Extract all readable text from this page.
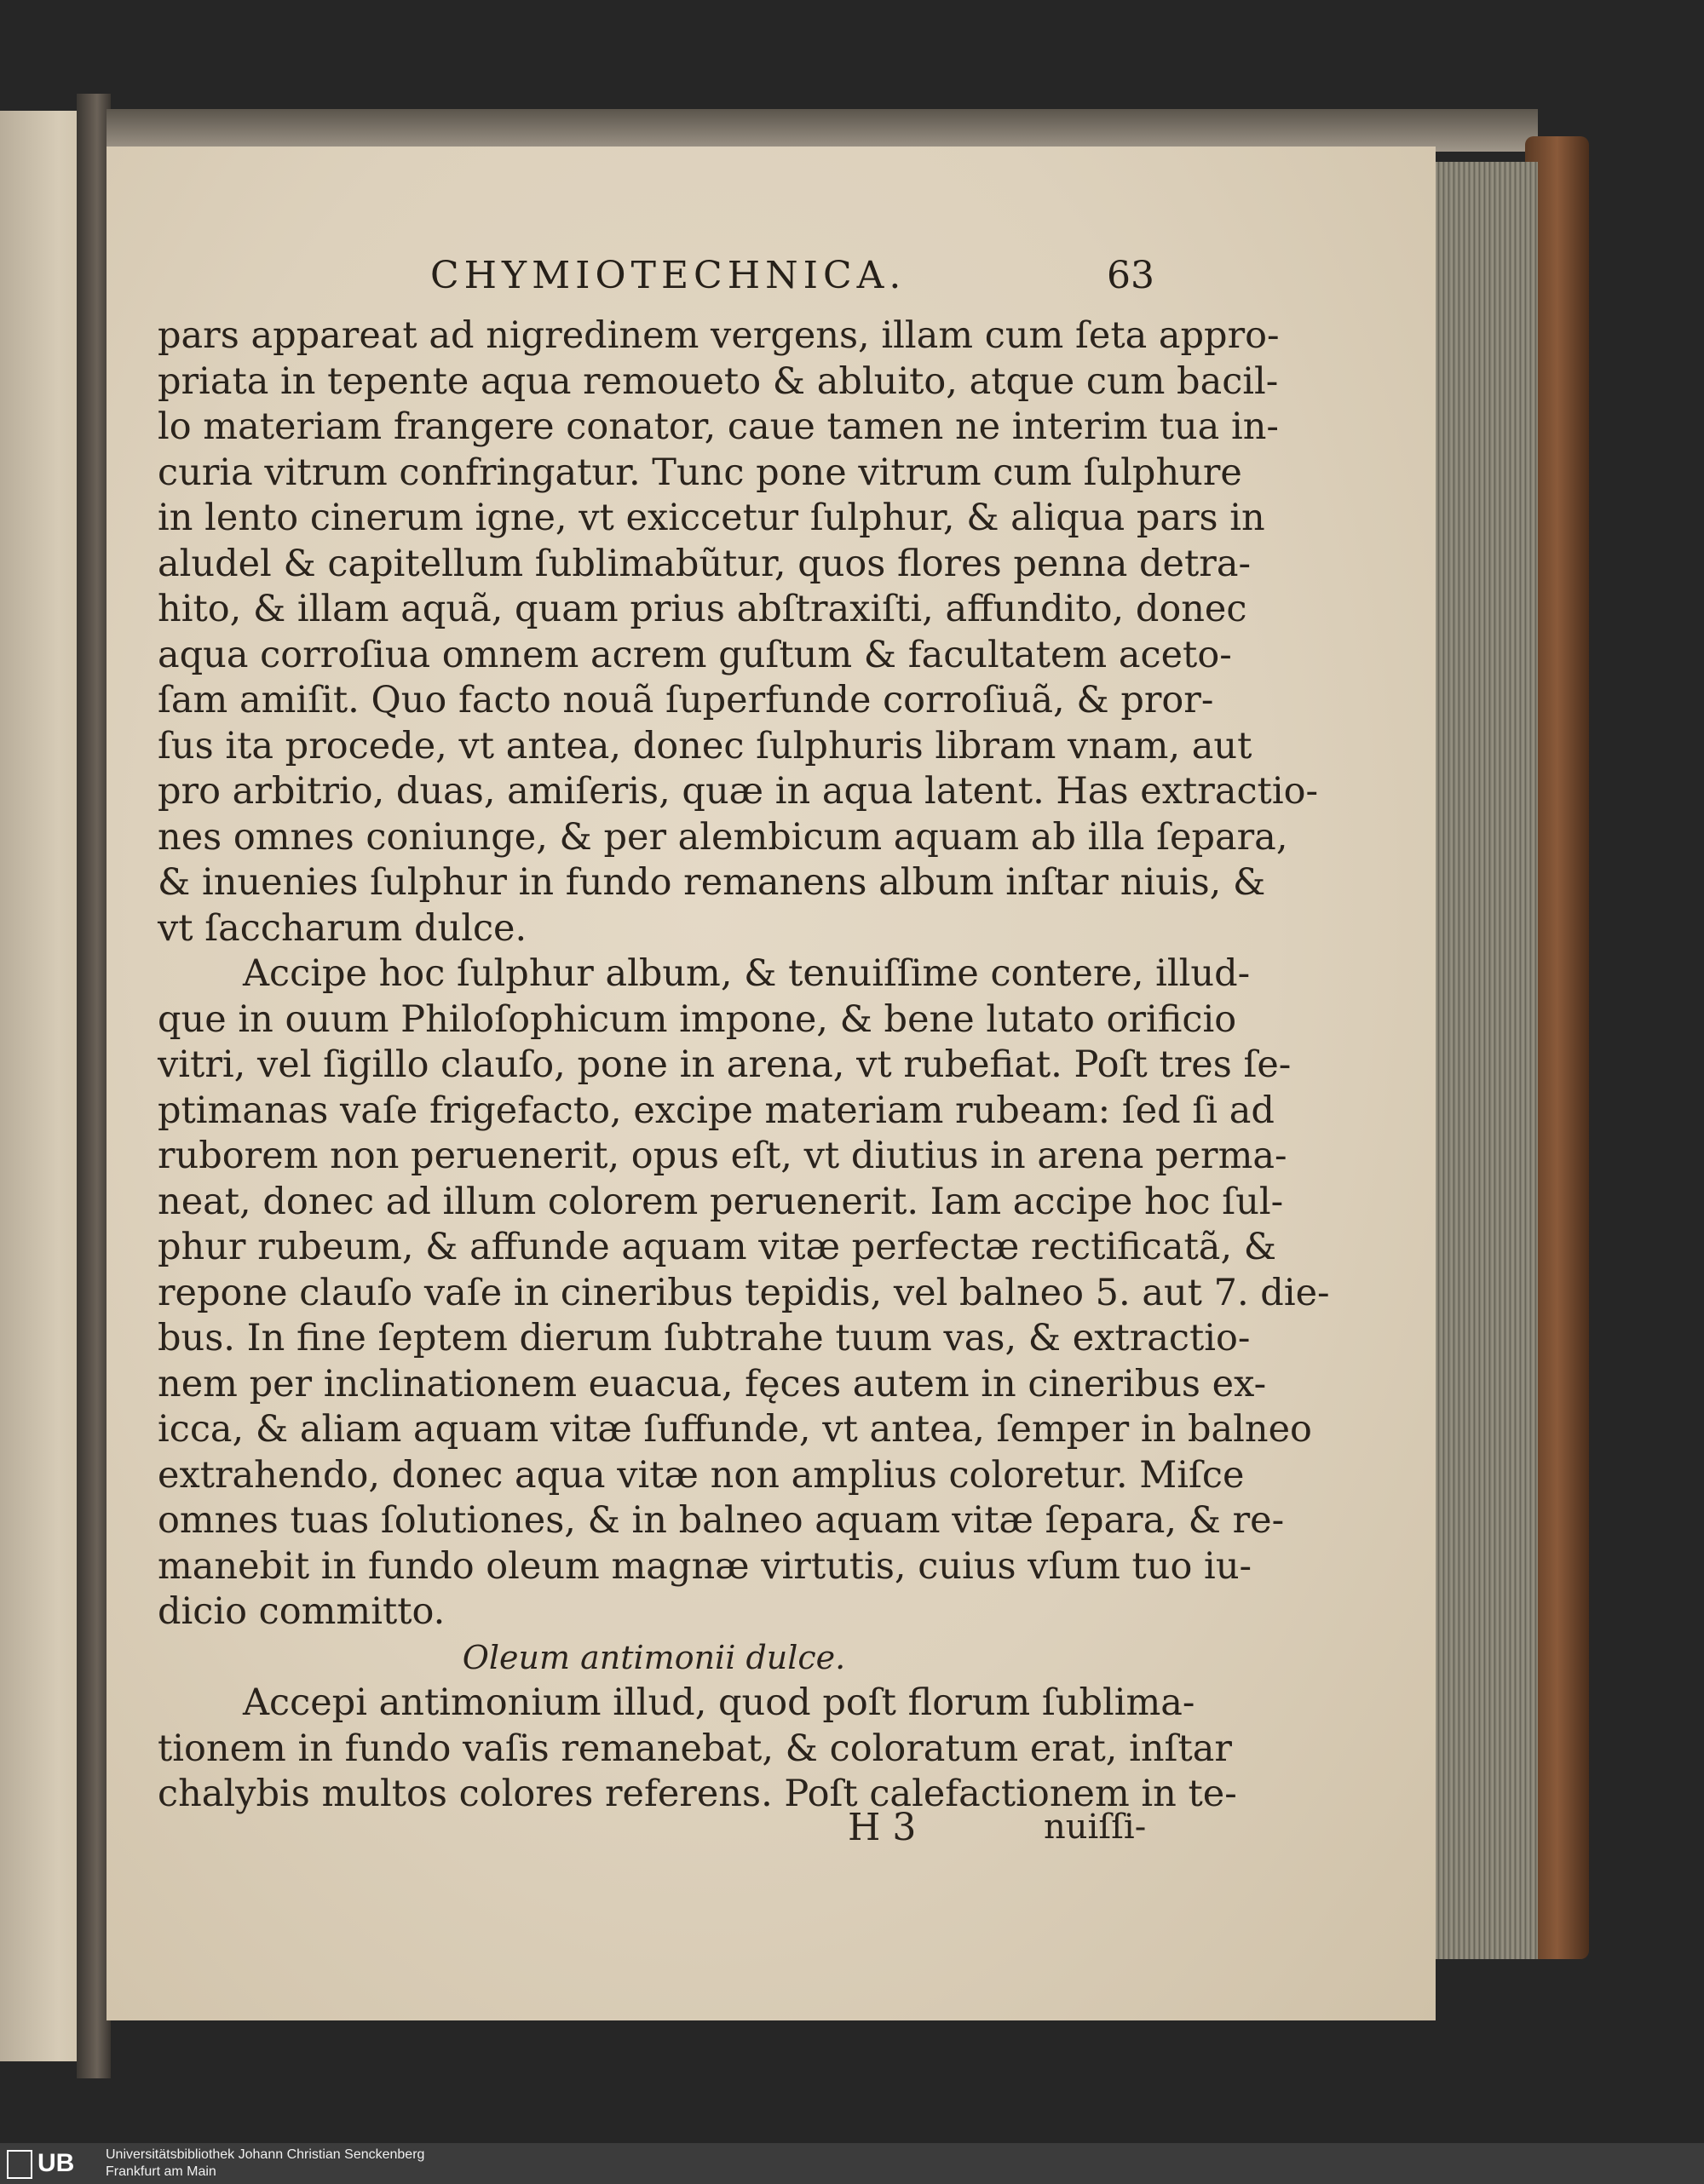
CHYMIOTECHNICA.	63
pars appareat ad nigredinem vergens, illam cum ſeta appro-
priata in tepente aqua remoueto & abluito, atque cum bacil-
lo materiam frangere conator, caue tamen ne interim tua in-
curia vitrum confringatur. Tunc pone vitrum cum ſulphure
in lento cinerum igne, vt exiccetur ſulphur, & aliqua pars in
aludel & capitellum ſublimabũtur, quos flores penna detra-
hito, & illam aquã, quam prius abſtraxiſti, affundito, donec
aqua corroſiua omnem acrem guſtum & facultatem aceto-
ſam amiſit. Quo facto nouã ſuperfunde corroſiuã, & pror-
ſus ita procede, vt antea, donec ſulphuris libram vnam, aut
pro arbitrio, duas, amiſeris, quæ in aqua latent. Has extractio-
nes omnes coniunge, & per alembicum aquam ab illa ſepara,
& inuenies ſulphur in fundo remanens album inſtar niuis, &
vt ſaccharum dulce.
Accipe hoc ſulphur album, & tenuiſſime contere, illud-
que in ouum Philoſophicum impone, & bene lutato orificio
vitri, vel ſigillo clauſo, pone in arena, vt rubefiat. Poſt tres ſe-
ptimanas vaſe frigefacto, excipe materiam rubeam: ſed ſi ad
ruborem non peruenerit, opus eſt, vt diutius in arena perma-
neat, donec ad illum colorem peruenerit. Iam accipe hoc ſul-
phur rubeum, & affunde aquam vitæ perfectæ rectificatã, &
repone clauſo vaſe in cineribus tepidis, vel balneo 5. aut 7. die-
bus. In fine ſeptem dierum ſubtrahe tuum vas, & extractio-
nem per inclinationem euacua, fęces autem in cineribus ex-
icca, & aliam aquam vitæ ſuffunde, vt antea, ſemper in balneo
extrahendo, donec aqua vitæ non amplius coloretur. Miſce
omnes tuas ſolutiones, & in balneo aquam vitæ ſepara, & re-
manebit in fundo oleum magnæ virtutis, cuius vſum tuo iu-
dicio committo.
Oleum antimonii dulce.
Accepi antimonium illud, quod poſt florum ſublima-
tionem in fundo vaſis remanebat, & coloratum erat, inſtar
chalybis multos colores referens. Poſt calefactionem in te-
H 3	nuiſſi-
UB	Universitätsbibliothek Johann Christian Senckenberg
Frankfurt am Main
